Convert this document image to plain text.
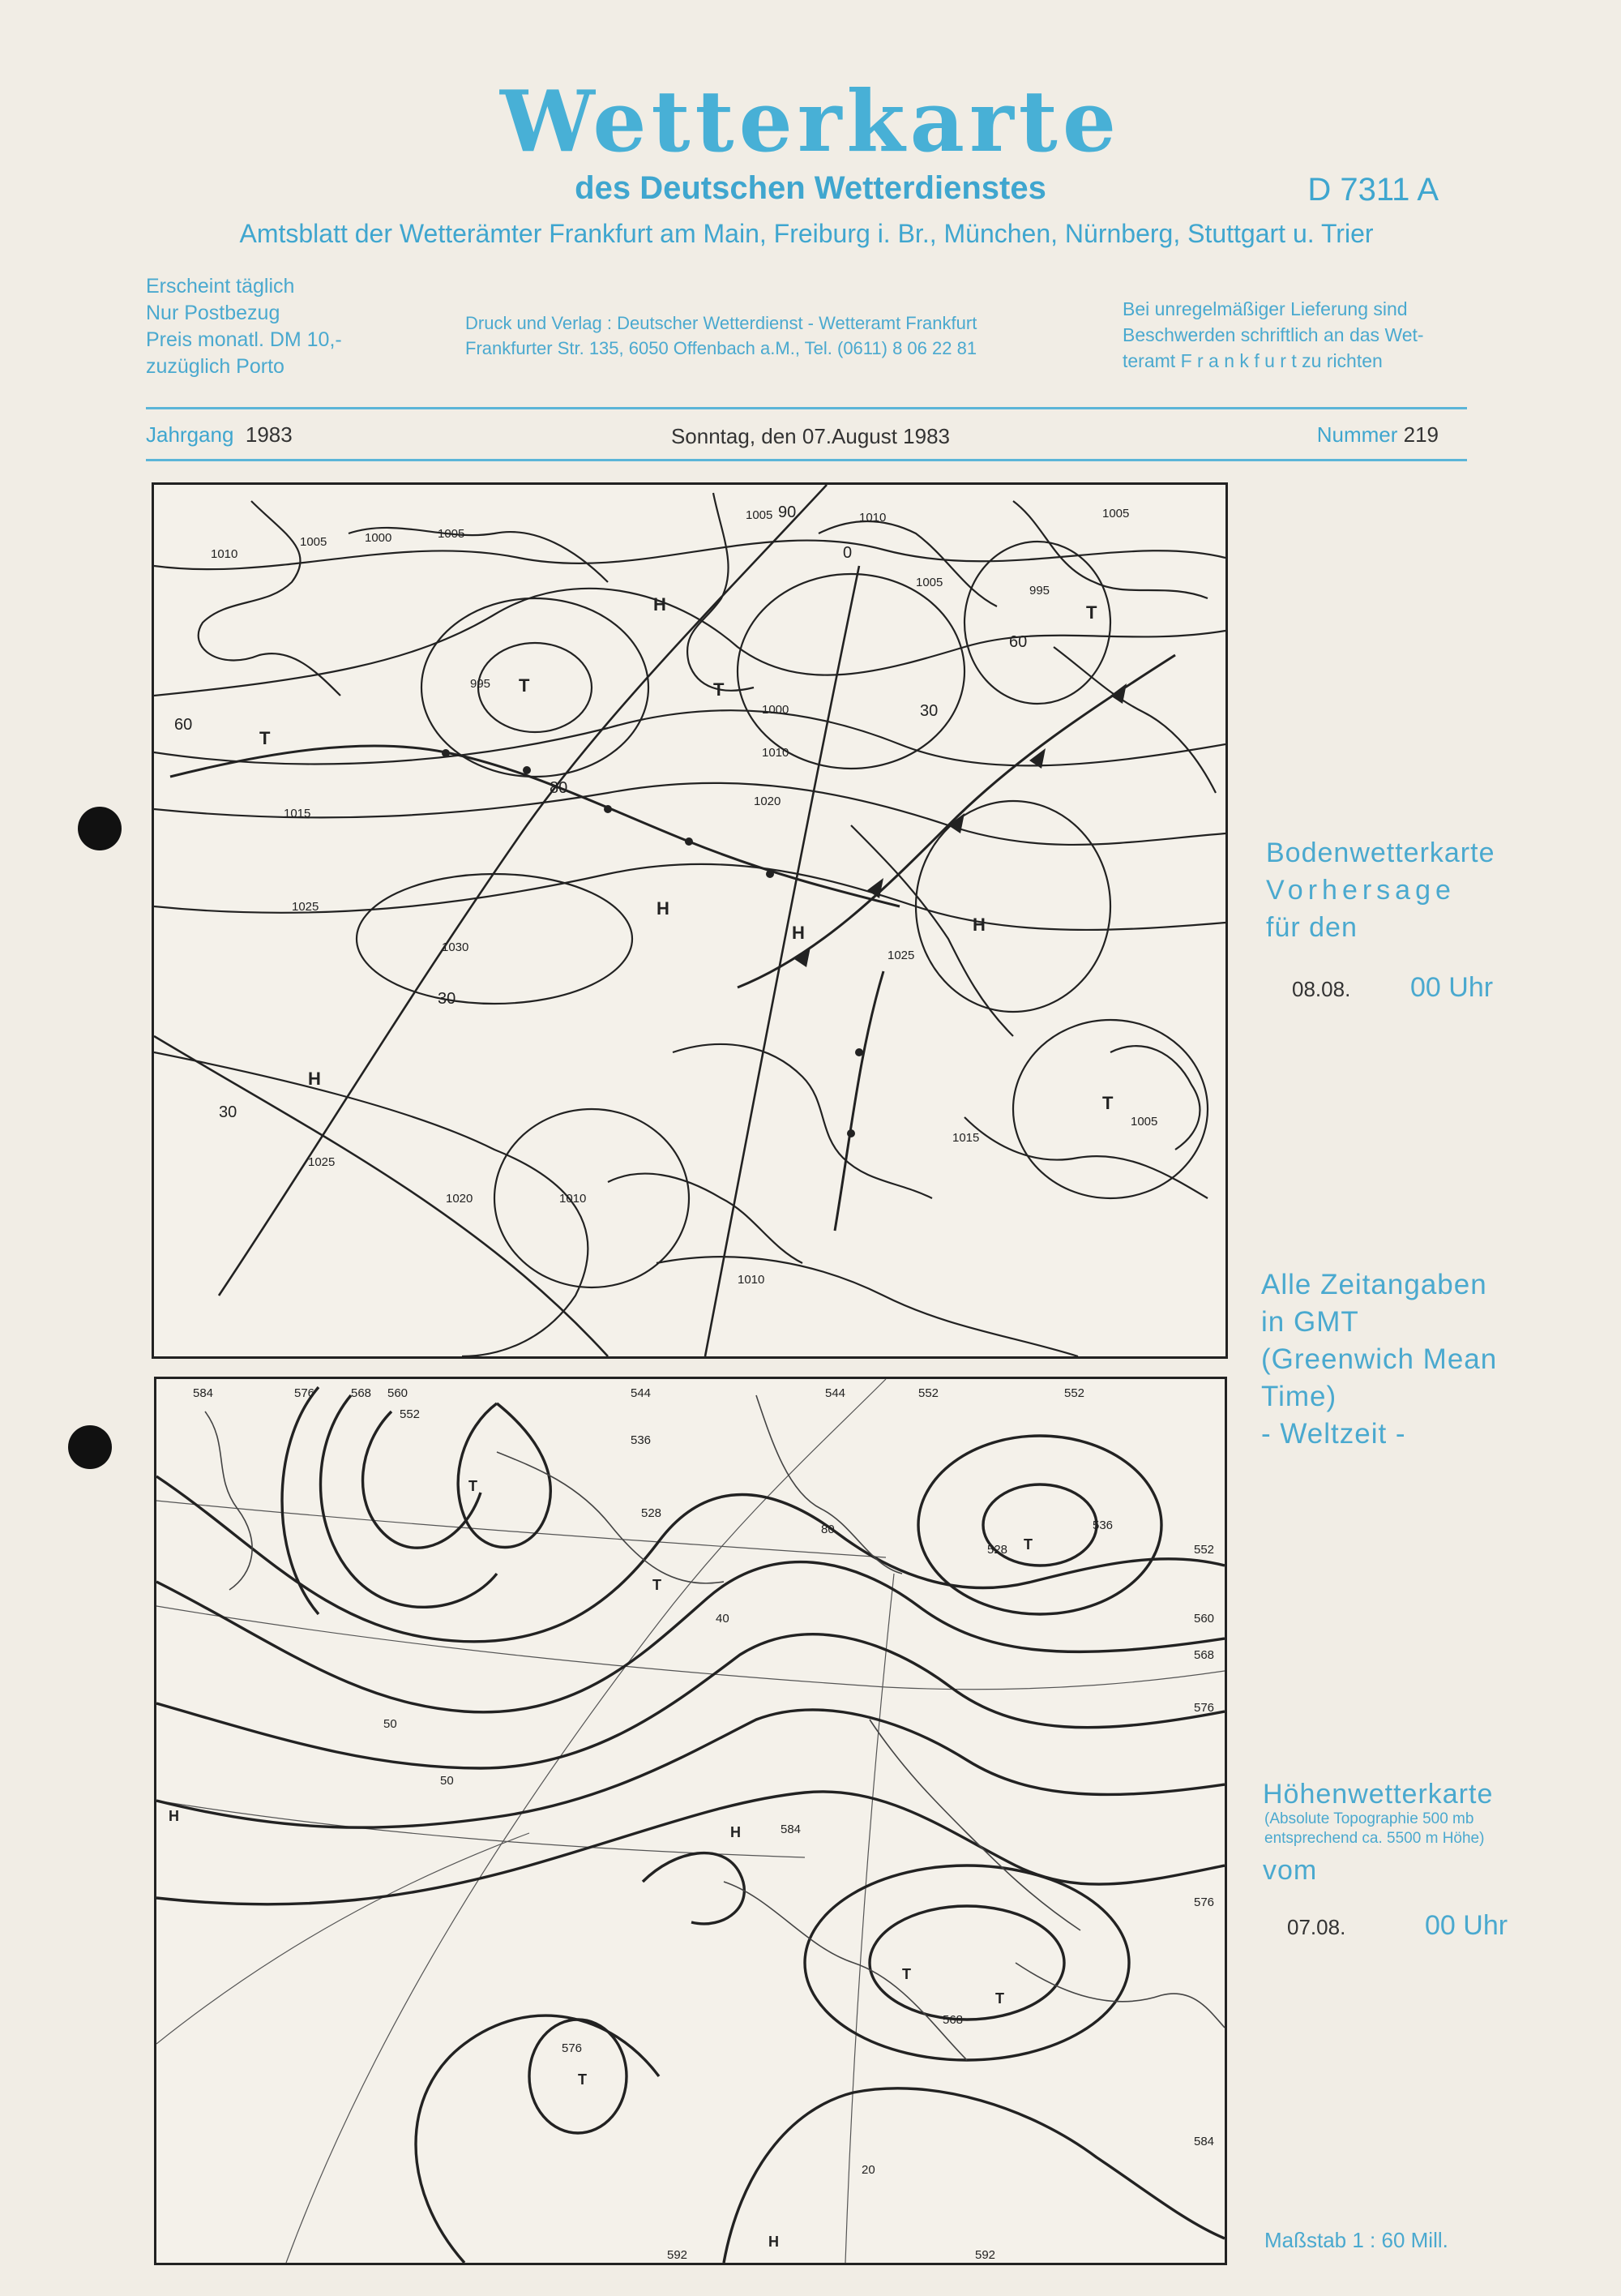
Wetterkarte
des Deutschen Wetterdienstes	D 7311 A
Amtsblatt der Wetterämter Frankfurt am Main, Freiburg i. Br., München, Nürnberg, Stuttgart u. Trier
Erscheint täglich
Nur Postbezug
Preis monatl. DM 10,-
zuzüglich Porto
Druck und Verlag : Deutscher Wetterdienst - Wetteramt Frankfurt
Frankfurter Str. 135, 6050 Offenbach a.M., Tel. (0611) 8 06 22 81
Bei unregelmäßiger Lieferung sind
Beschwerden schriftlich an das Wet-
teramt F r a n k f u r t zu richten
Jahrgang 1983	Sonntag, den 07.August 1983	Nummer 219
1010
1005	1000	1005
1005	1010
1005
995
995
1000
1005
1010
1020
1015
1025
1030
1025
1025
1020
1015
1010
1010
1005
60
60
80
90
30
30
30
0
H
H	H
H
H
T	T
T
T
T
584	576	568 560
552
544
536
528
544	552	552
528
536
552
560
568
576
584
576
568
584
592	592
576
50
50
80
20
40
T
T
T
T
T
T
H
H
H
Bodenwetterkarte
Vorhersage
für den
08.08. 00 Uhr
Alle Zeitangaben
in GMT
(Greenwich Mean
Time)
- Weltzeit -
Höhenwetterkarte
(Absolute Topographie 500 mb
entsprechend ca. 5500 m Höhe)
vom
07.08.	00 Uhr
Maßstab 1 : 60 Mill.
